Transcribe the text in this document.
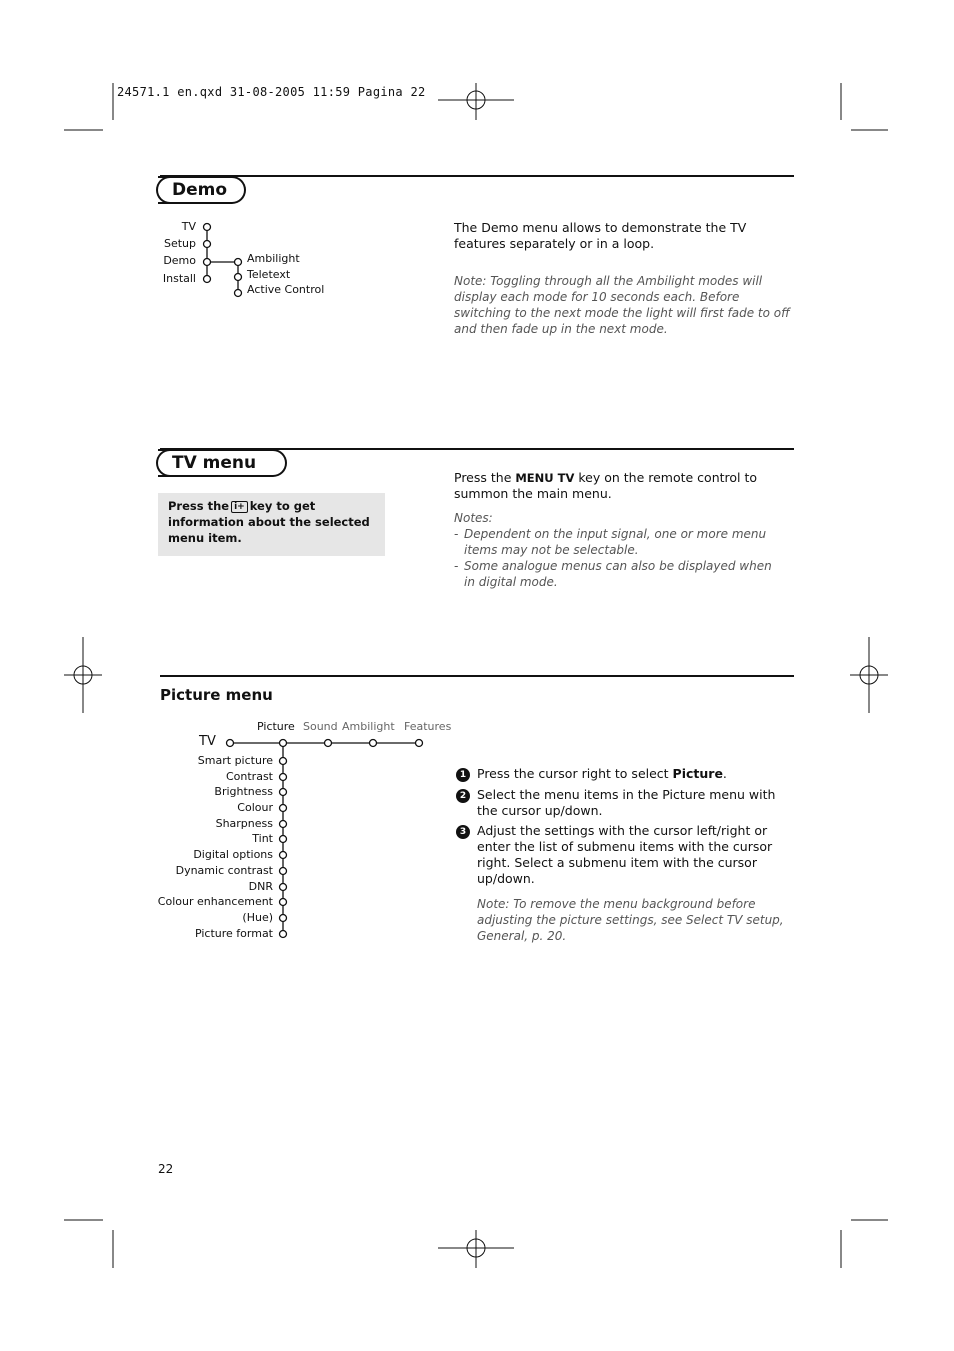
24571.1 en.qxd 31-08-2005 11:59 Pagina 22
Demo
TV
Setup
Demo
Install
Ambilight
Teletext
Active Control
The Demo menu allows to demonstrate the TV features separately or in a loop.
Note: Toggling through all the Ambilight modes will display each mode for 10 seconds each. Before switching to the next mode the light will first fade to off and then fade up in the next mode.
TV menu
Press the i+ key to get information about the selected menu item.
Press the MENU TV key on the remote control to summon the main menu.
Notes:
- Dependent on the input signal, one or more menu items may not be selectable.
- Some analogue menus can also be displayed when in digital mode.
Picture menu
Picture Sound Ambilight Features
TV
Smart picture
Contrast
Brightness
Colour
Sharpness
Tint
Digital options
Dynamic contrast
DNR
Colour enhancement
(Hue)
Picture format
1 Press the cursor right to select Picture.
2 Select the menu items in the Picture menu with the cursor up/down.
3 Adjust the settings with the cursor left/right or enter the list of submenu items with the cursor right. Select a submenu item with the cursor up/down.
Note: To remove the menu background before adjusting the picture settings, see Select TV setup, General, p. 20.
22
